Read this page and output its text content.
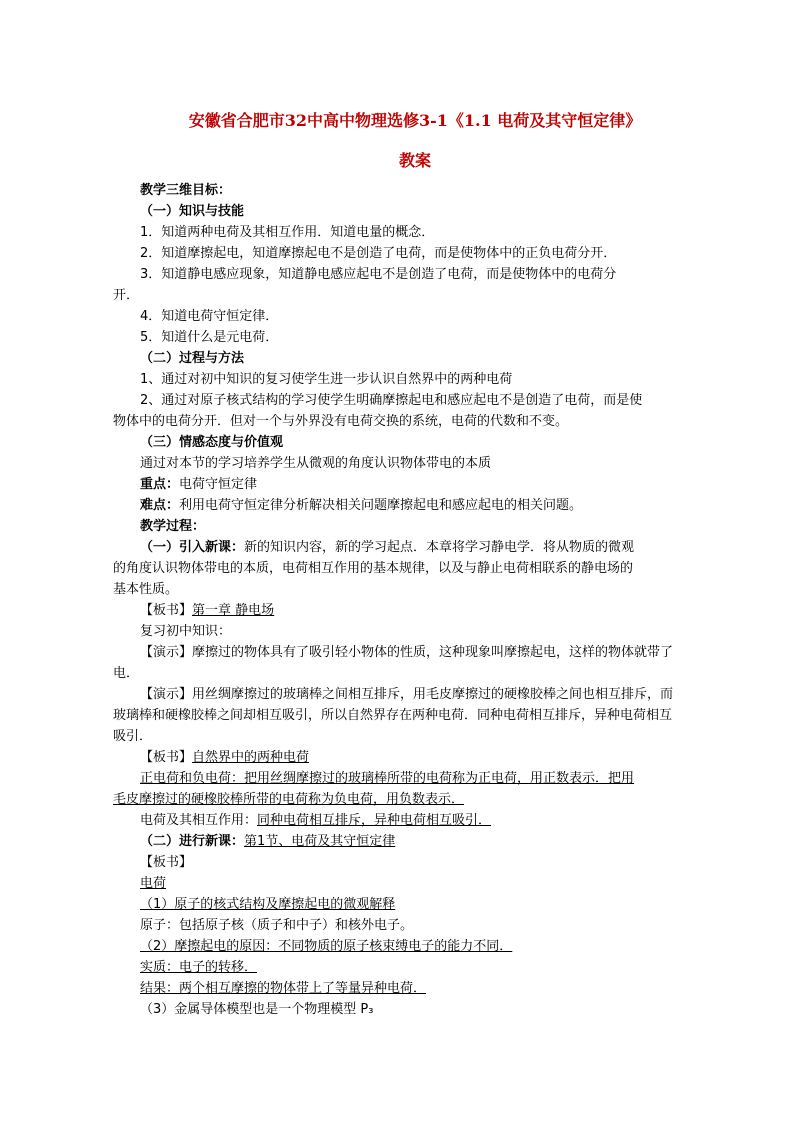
安徽省合肥市32中高中物理选修3-1《1.1 电荷及其守恒定律》
教案
教学三维目标：
（一）知识与技能
1．知道两种电荷及其相互作用．知道电量的概念．
2．知道摩擦起电，知道摩擦起电不是创造了电荷，而是使物体中的正负电荷分开．
3．知道静电感应现象，知道静电感应起电不是创造了电荷，而是使物体中的电荷分
开．
4．知道电荷守恒定律．
5．知道什么是元电荷．
（二）过程与方法
1、通过对初中知识的复习使学生进一步认识自然界中的两种电荷
2、通过对原子核式结构的学习使学生明确摩擦起电和感应起电不是创造了电荷，而是使
物体中的电荷分开．但对一个与外界没有电荷交换的系统，电荷的代数和不变。
（三）情感态度与价值观
通过对本节的学习培养学生从微观的角度认识物体带电的本质
重点：电荷守恒定律
难点：利用电荷守恒定律分析解决相关问题摩擦起电和感应起电的相关问题。
教学过程：
（一）引入新课：新的知识内容，新的学习起点．本章将学习静电学．将从物质的微观
的角度认识物体带电的本质，电荷相互作用的基本规律，以及与静止电荷相联系的静电场的
基本性质。
【板书】第一章 静电场
复习初中知识：
【演示】摩擦过的物体具有了吸引轻小物体的性质，这种现象叫摩擦起电，这样的物体就带了
电．
【演示】用丝绸摩擦过的玻璃棒之间相互排斥，用毛皮摩擦过的硬橡胶棒之间也相互排斥，而
玻璃棒和硬橡胶棒之间却相互吸引，所以自然界存在两种电荷．同种电荷相互排斥，异种电荷相互
吸引．
【板书】自然界中的两种电荷
正电荷和负电荷：把用丝绸摩擦过的玻璃棒所带的电荷称为正电荷，用正数表示．把用
毛皮摩擦过的硬橡胶棒所带的电荷称为负电荷，用负数表示．
电荷及其相互作用：同种电荷相互排斥，异种电荷相互吸引．
（二）进行新课：第1节、电荷及其守恒定律
【板书】
电荷
（1）原子的核式结构及摩擦起电的微观解释
原子：包括原子核（质子和中子）和核外电子。
（2）摩擦起电的原因：不同物质的原子核束缚电子的能力不同．
实质：电子的转移．
结果：两个相互摩擦的物体带上了等量异种电荷．
（3）金属导体模型也是一个物理模型 P₃
